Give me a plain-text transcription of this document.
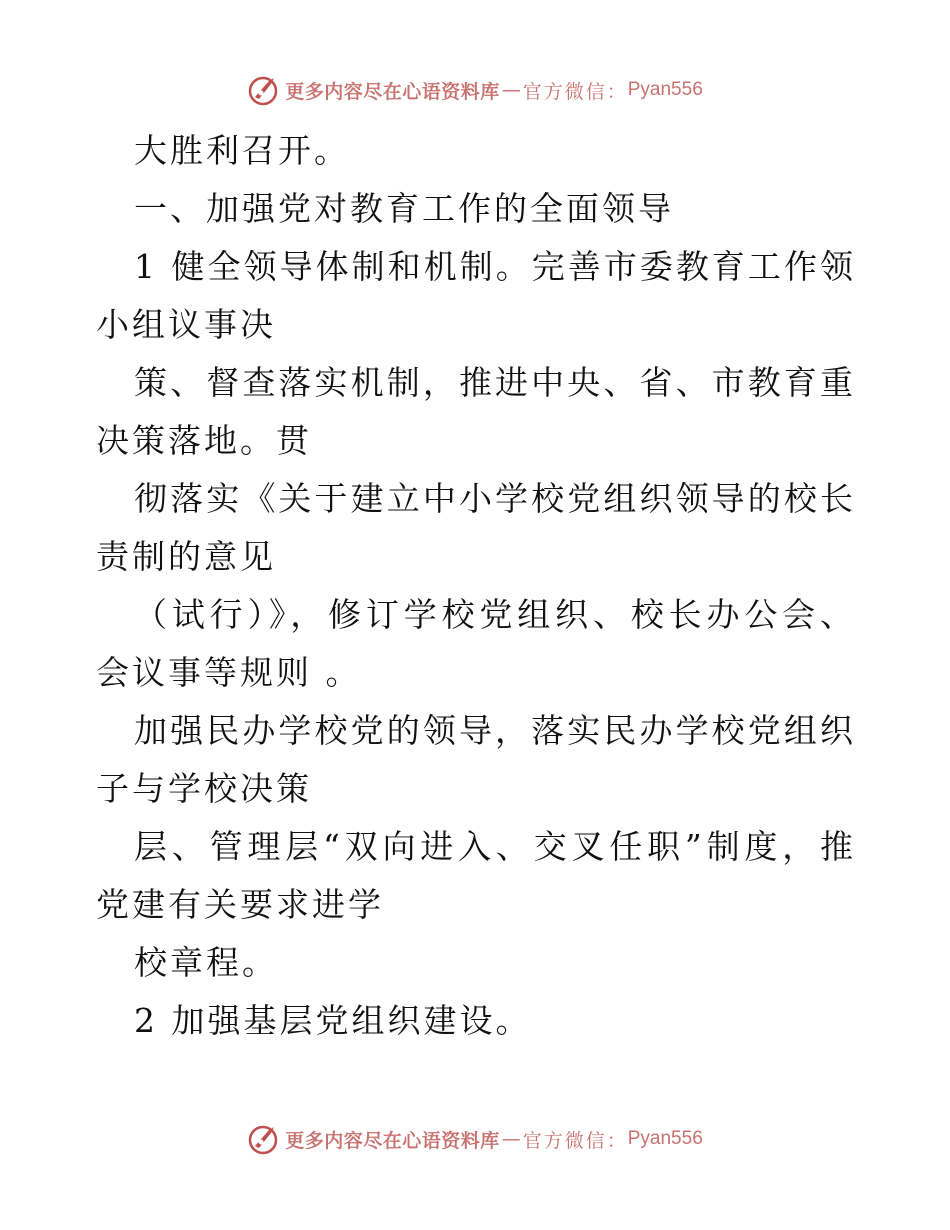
更多内容尽在心语资料库 — 官方微信： Pyan556
大胜利召开。
一、加强党对教育工作的全面领导
1 健全领导体制和机制。完善市委教育工作领
小组议事决
策、督查落实机制，推进中央、省、市教育重
决策落地。贯
彻落实《关于建立中小学校党组织领导的校长
责制的意见
（试行）》，修订学校党组织、校长办公会、
会议事等规则 。
加强民办学校党的领导，落实民办学校党组织
子与学校决策
层、管理层“双向进入、交叉任职”制度，推
党建有关要求进学
校章程。
2 加强基层党组织建设。
更多内容尽在心语资料库 — 官方微信： Pyan556
